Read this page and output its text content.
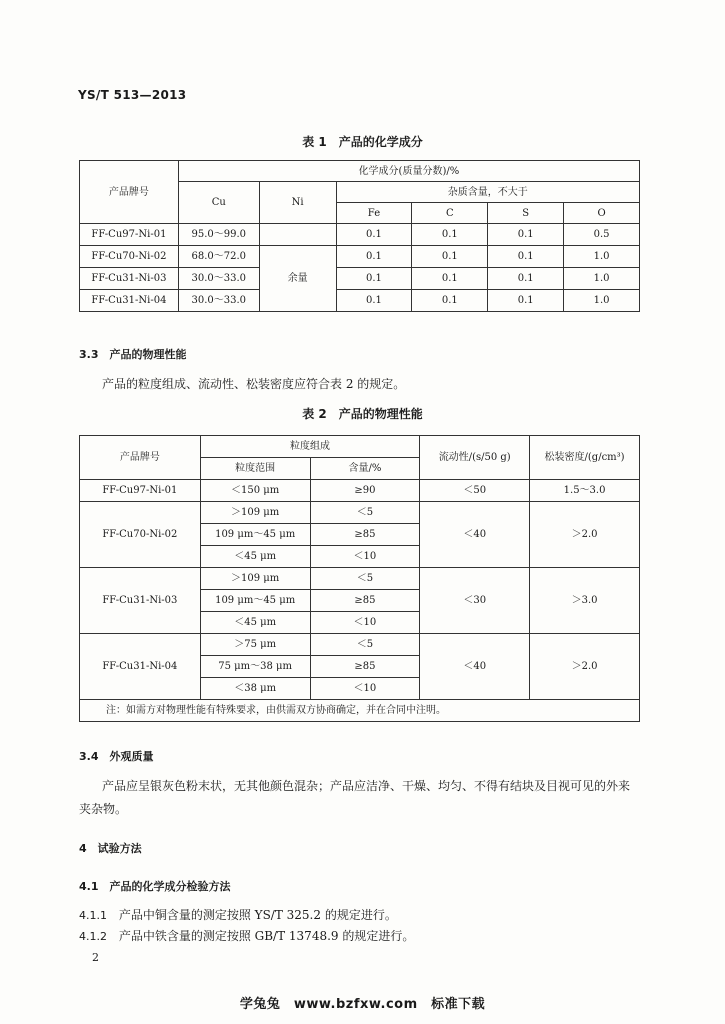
YS/T 513—2013
表 1　产品的化学成分
产品牌号	化学成分(质量分数)/%					
	Cu	Ni	杂质含量，不大于			
			Fe	C	S	O
FF-Cu97-Ni-01	95.0～99.0		0.1	0.1	0.1	0.5
FF-Cu70-Ni-02	68.0～72.0	余量	0.1	0.1	0.1	1.0
FF-Cu31-Ni-03	30.0～33.0		0.1	0.1	0.1	1.0
FF-Cu31-Ni-04	30.0～33.0		0.1	0.1	0.1	1.0
3.3　产品的物理性能
产品的粒度组成、流动性、松装密度应符合表 2 的规定。
表 2　产品的物理性能
产品牌号	粒度组成		流动性/(s/50 g)	松装密度/(g/cm³)
	粒度范围	含量/%		
FF-Cu97-Ni-01	＜150 μm	≥90	＜50	1.5～3.0
FF-Cu70-Ni-02	＞109 μm	＜5	＜40	＞2.0
	109 μm～45 μm	≥85		
	＜45 μm	＜10		
FF-Cu31-Ni-03	＞109 μm	＜5	＜30	＞3.0
	109 μm～45 μm	≥85		
	＜45 μm	＜10		
FF-Cu31-Ni-04	＞75 μm	＜5	＜40	＞2.0
	75 μm～38 μm	≥85		
	＜38 μm	＜10		
注：如需方对物理性能有特殊要求，由供需双方协商确定，并在合同中注明。				
3.4　外观质量
产品应呈银灰色粉末状，无其他颜色混杂；产品应洁净、干燥、均匀、不得有结块及目视可见的外来
夹杂物。
4　试验方法
4.1　产品的化学成分检验方法
4.1.1 产品中铜含量的测定按照 YS/T 325.2 的规定进行。
4.1.2 产品中铁含量的测定按照 GB/T 13748.9 的规定进行。
2
学兔兔　www.bzfxw.com　标准下载
